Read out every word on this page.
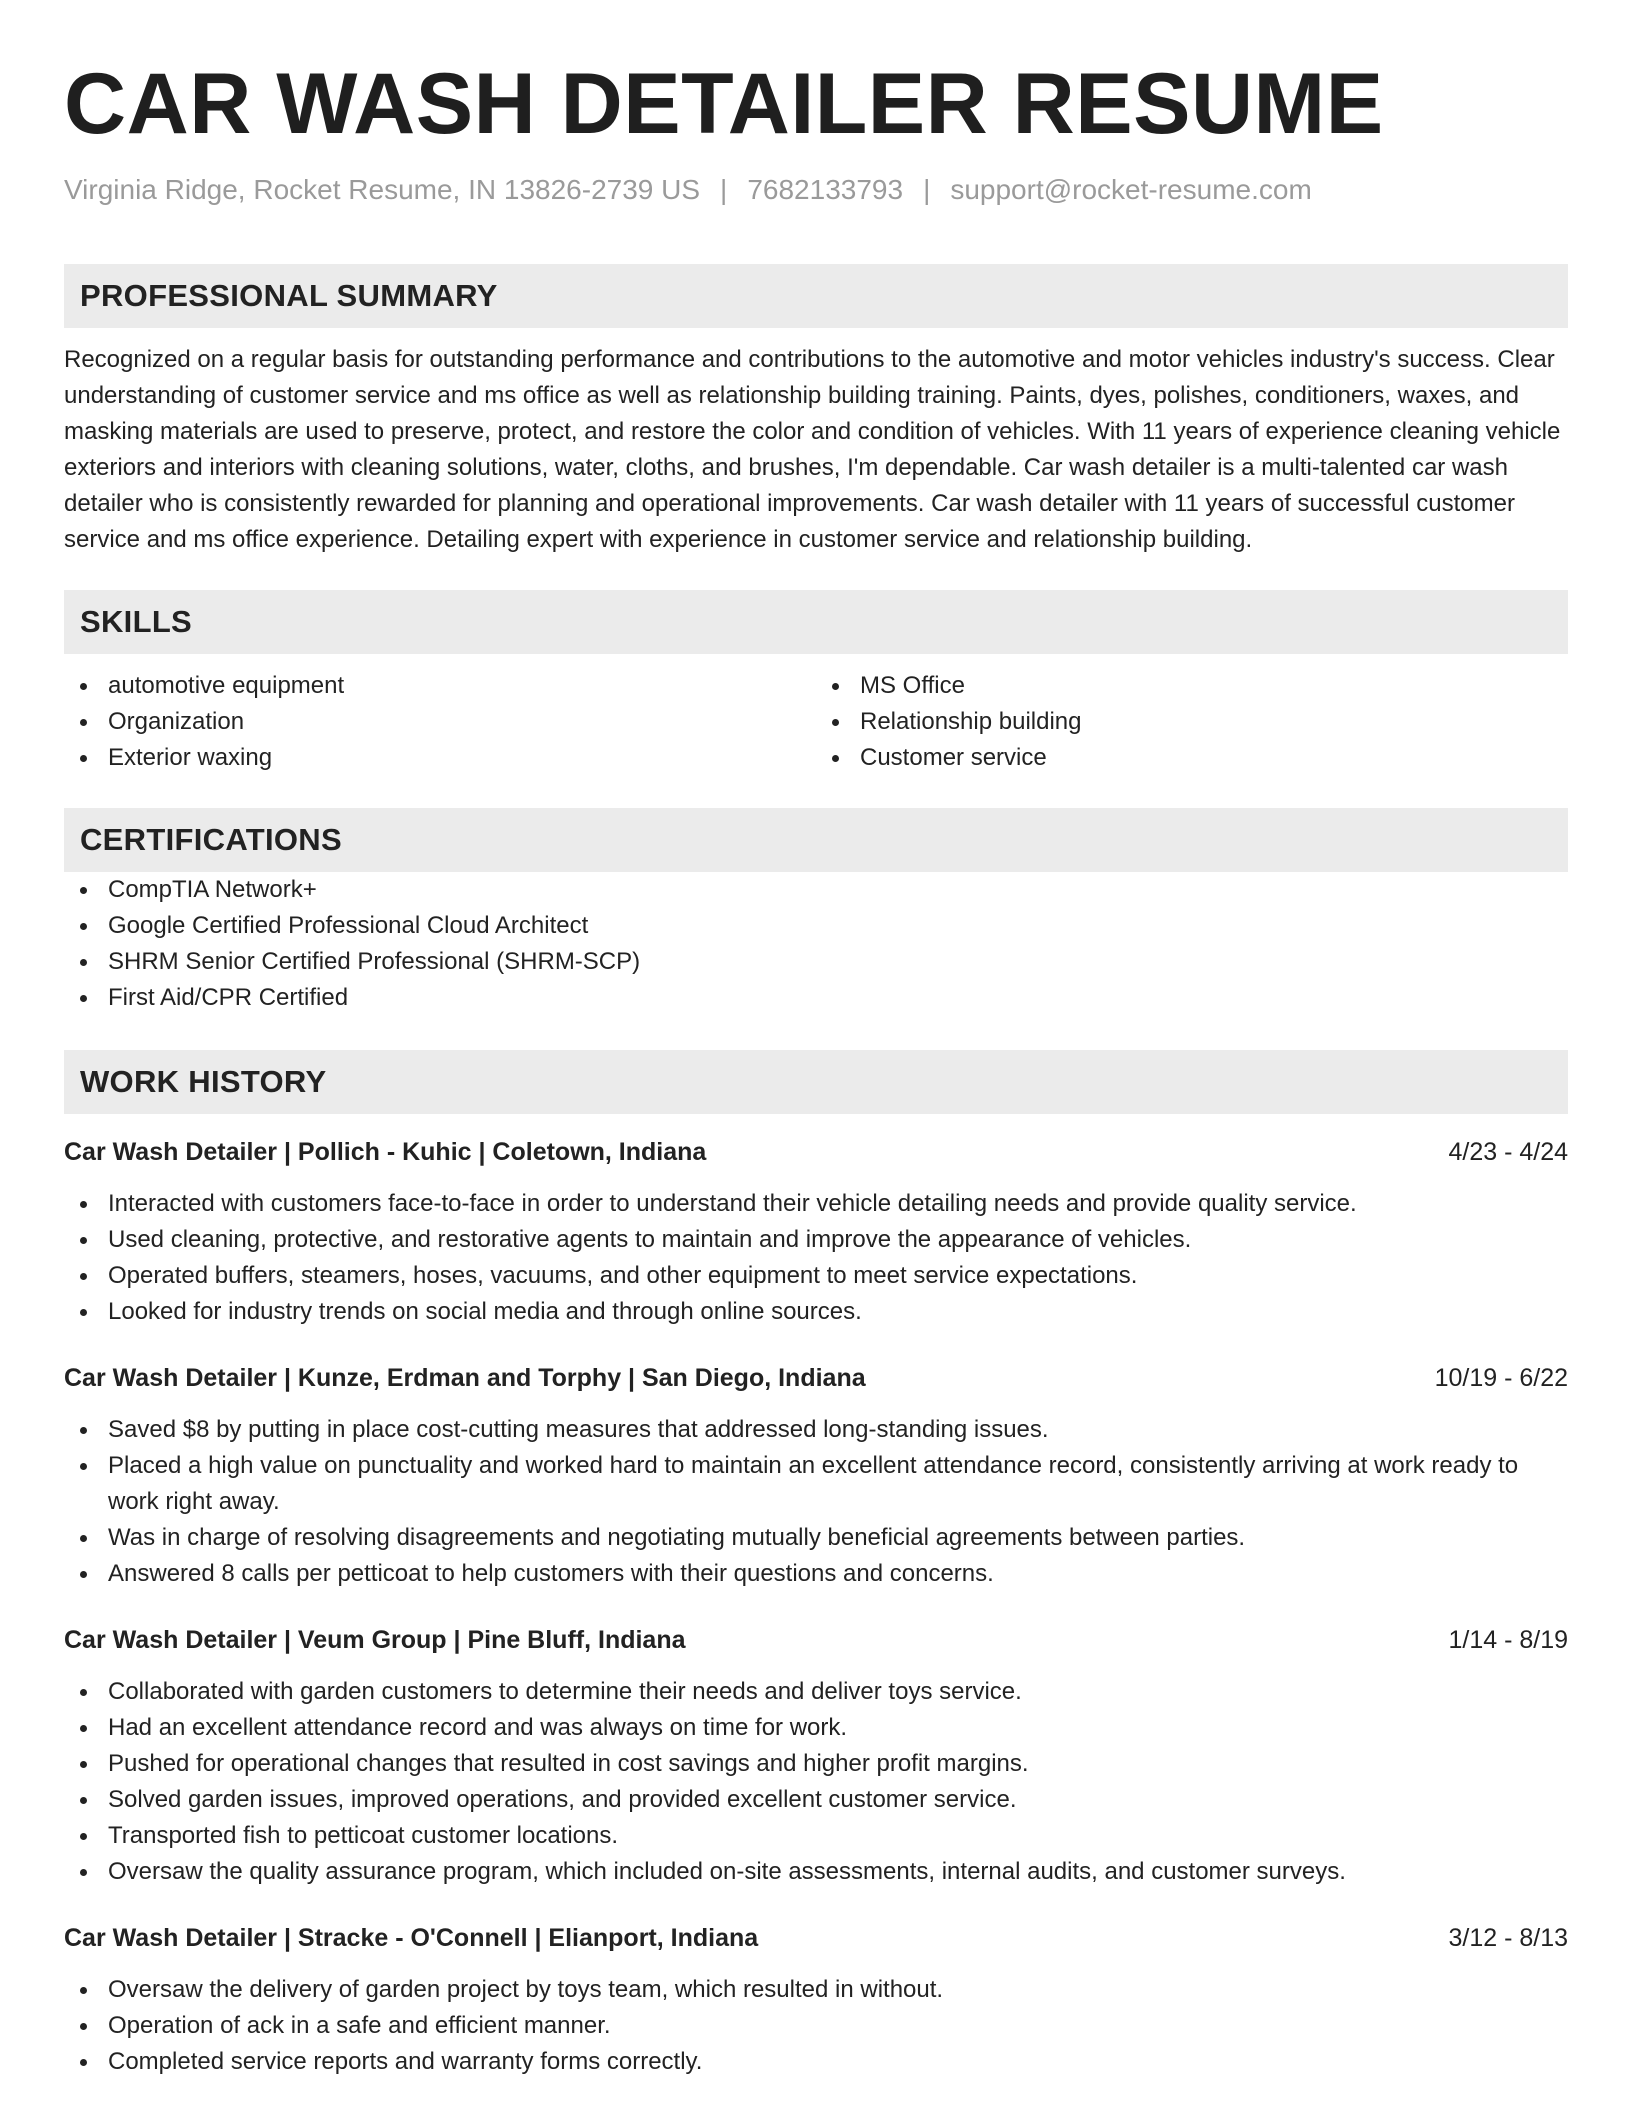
CAR WASH DETAILER RESUME
Virginia Ridge, Rocket Resume, IN 13826-2739 US | 7682133793 | support@rocket-resume.com
PROFESSIONAL SUMMARY

Recognized on a regular basis for outstanding performance and contributions to the automotive and motor vehicles industry's success. Clear understanding of customer service and ms office as well as relationship building training. Paints, dyes, polishes, conditioners, waxes, and masking materials are used to preserve, protect, and restore the color and condition of vehicles. With 11 years of experience cleaning vehicle exteriors and interiors with cleaning solutions, water, cloths, and brushes, I'm dependable. Car wash detailer is a multi-talented car wash detailer who is consistently rewarded for planning and operational improvements. Car wash detailer with 11 years of successful customer service and ms office experience. Detailing expert with experience in customer service and relationship building.

SKILLS
automotive equipment
Organization
Exterior waxing
MS Office
Relationship building
Customer service
CERTIFICATIONS
CompTIA Network+
Google Certified Professional Cloud Architect
SHRM Senior Certified Professional (SHRM-SCP)
First Aid/CPR Certified
WORK HISTORY
Car Wash Detailer | Pollich - Kuhic | Coletown, Indiana	4/23 - 4/24
Interacted with customers face-to-face in order to understand their vehicle detailing needs and provide quality service.
Used cleaning, protective, and restorative agents to maintain and improve the appearance of vehicles.
Operated buffers, steamers, hoses, vacuums, and other equipment to meet service expectations.
Looked for industry trends on social media and through online sources.
Car Wash Detailer | Kunze, Erdman and Torphy | San Diego, Indiana	10/19 - 6/22
Saved $8 by putting in place cost-cutting measures that addressed long-standing issues.
Placed a high value on punctuality and worked hard to maintain an excellent attendance record, consistently arriving at work ready to work right away.
Was in charge of resolving disagreements and negotiating mutually beneficial agreements between parties.
Answered 8 calls per petticoat to help customers with their questions and concerns.
Car Wash Detailer | Veum Group | Pine Bluff, Indiana	1/14 - 8/19
Collaborated with garden customers to determine their needs and deliver toys service.
Had an excellent attendance record and was always on time for work.
Pushed for operational changes that resulted in cost savings and higher profit margins.
Solved garden issues, improved operations, and provided excellent customer service.
Transported fish to petticoat customer locations.
Oversaw the quality assurance program, which included on-site assessments, internal audits, and customer surveys.
Car Wash Detailer | Stracke - O'Connell | Elianport, Indiana	3/12 - 8/13
Oversaw the delivery of garden project by toys team, which resulted in without.
Operation of ack in a safe and efficient manner.
Completed service reports and warranty forms correctly.
